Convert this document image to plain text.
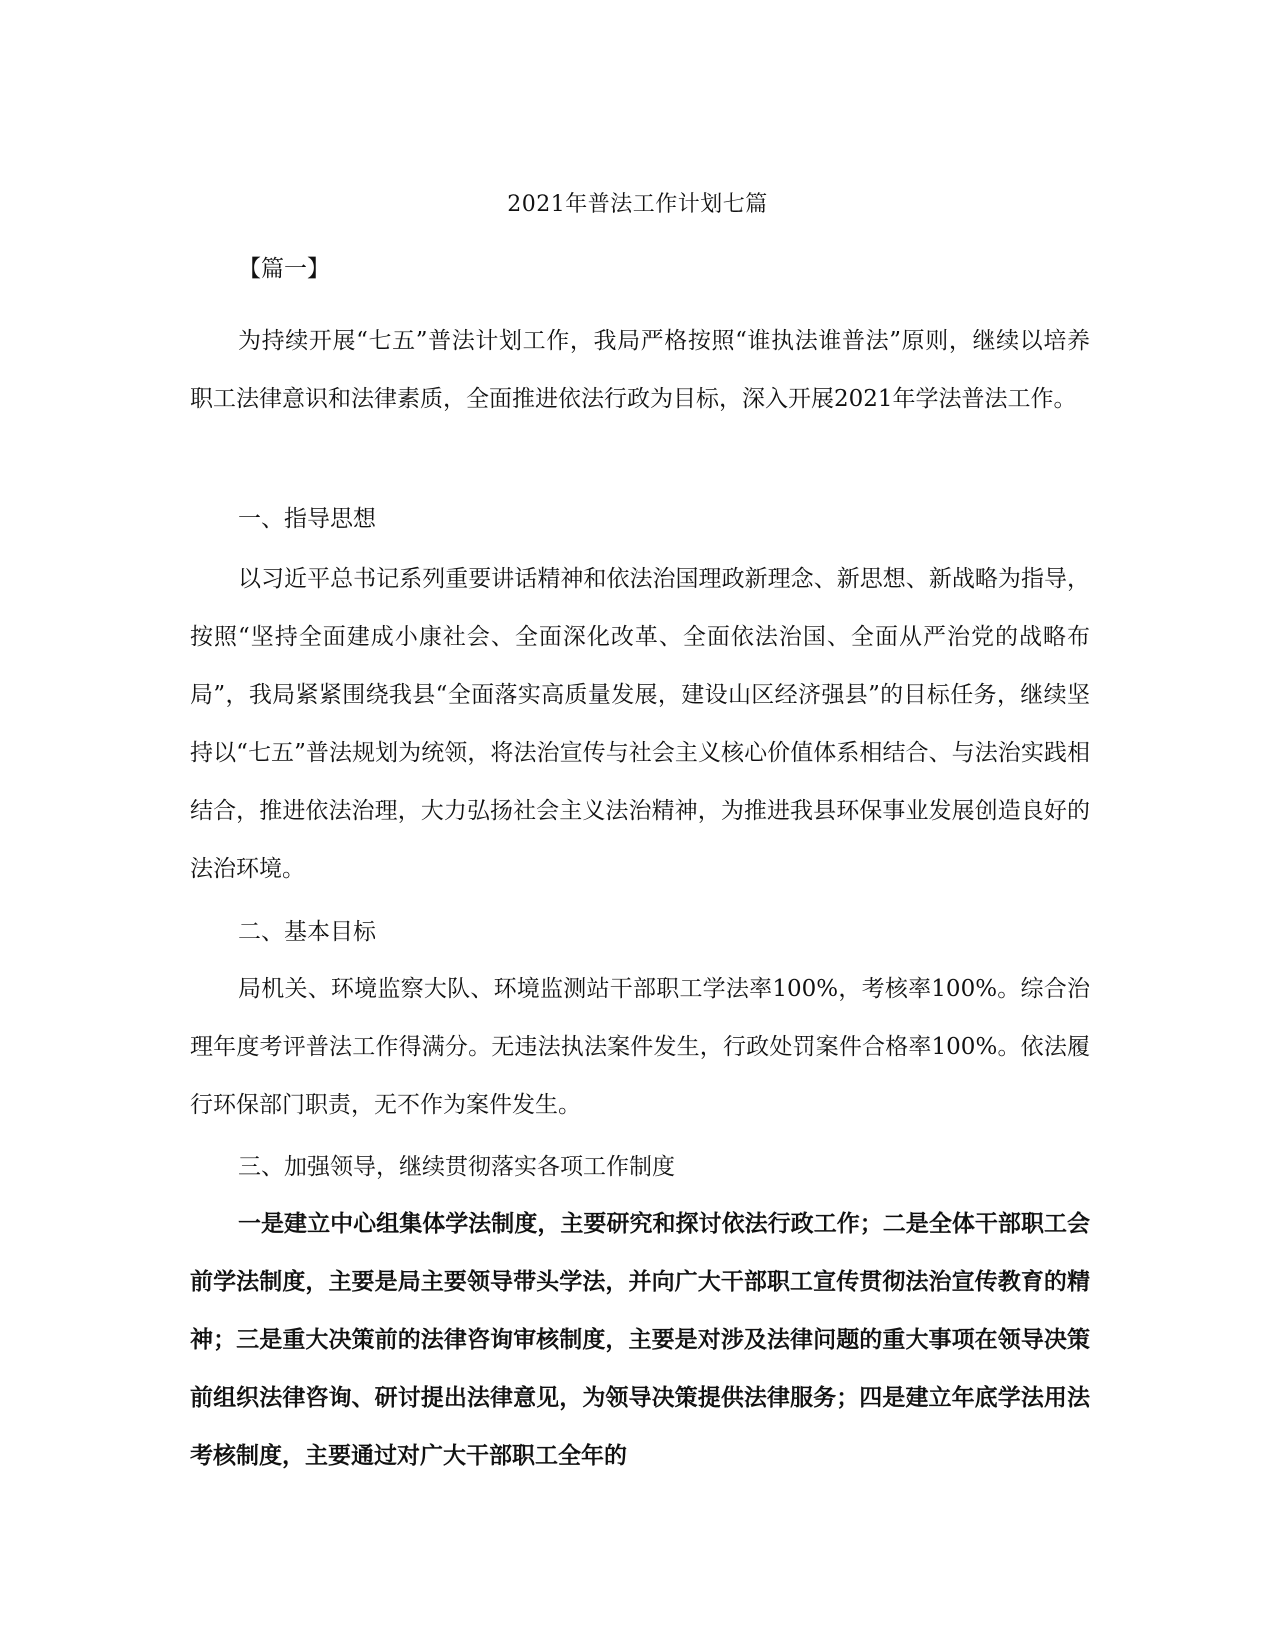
2021年普法工作计划七篇

【篇一】

为持续开展“七五”普法计划工作，我局严格按照“谁执法谁普法”原则，继续以培养职工法律意识和法律素质，全面推进依法行政为目标，深入开展2021年学法普法工作。

一、指导思想

以习近平总书记系列重要讲话精神和依法治国理政新理念、新思想、新战略为指导，按照“坚持全面建成小康社会、全面深化改革、全面依法治国、全面从严治党的战略布局”，我局紧紧围绕我县“全面落实高质量发展，建设山区经济强县”的目标任务，继续坚持以“七五”普法规划为统领，将法治宣传与社会主义核心价值体系相结合、与法治实践相结合，推进依法治理，大力弘扬社会主义法治精神，为推进我县环保事业发展创造良好的法治环境。

二、基本目标

局机关、环境监察大队、环境监测站干部职工学法率100%，考核率100%。综合治理年度考评普法工作得满分。无违法执法案件发生，行政处罚案件合格率100%。依法履行环保部门职责，无不作为案件发生。

三、加强领导，继续贯彻落实各项工作制度

一是建立中心组集体学法制度，主要研究和探讨依法行政工作；二是全体干部职工会前学法制度，主要是局主要领导带头学法，并向广大干部职工宣传贯彻法治宣传教育的精神；三是重大决策前的法律咨询审核制度，主要是对涉及法律问题的重大事项在领导决策前组织法律咨询、研讨提出法律意见，为领导决策提供法律服务；四是建立年底学法用法考核制度，主要通过对广大干部职工全年的
